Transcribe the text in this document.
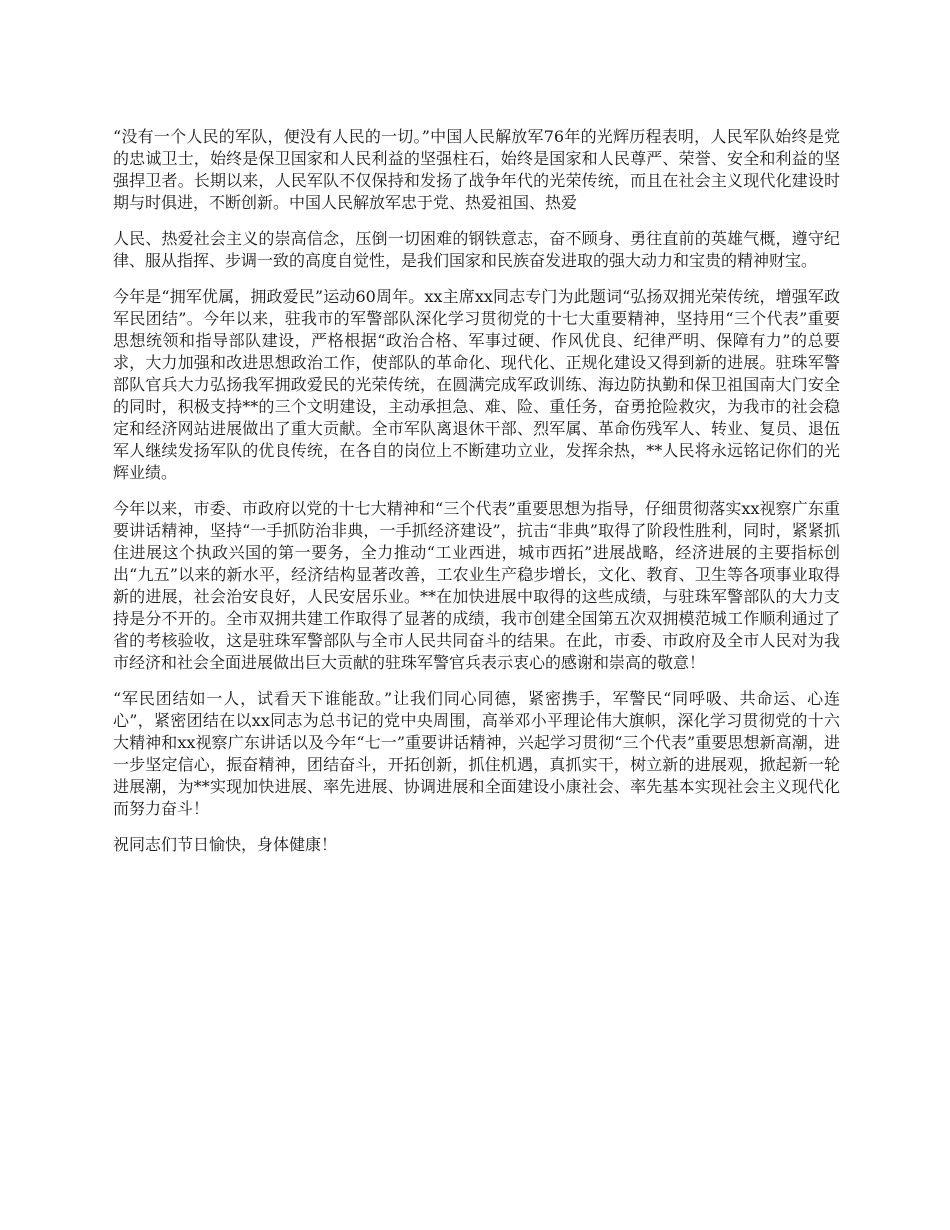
“没有一个人民的军队，便没有人民的一切。”中国人民解放军76年的光辉历程表明，人民军队始终是党的忠诚卫士，始终是保卫国家和人民利益的坚强柱石，始终是国家和人民尊严、荣誉、安全和利益的坚强捍卫者。长期以来，人民军队不仅保持和发扬了战争年代的光荣传统，而且在社会主义现代化建设时期与时俱进，不断创新。中国人民解放军忠于党、热爱祖国、热爱

人民、热爱社会主义的崇高信念，压倒一切困难的钢铁意志，奋不顾身、勇往直前的英雄气概，遵守纪律、服从指挥、步调一致的高度自觉性，是我们国家和民族奋发进取的强大动力和宝贵的精神财宝。

今年是“拥军优属，拥政爱民”运动60周年。xx主席xx同志专门为此题词“弘扬双拥光荣传统，增强军政军民团结”。今年以来，驻我市的军警部队深化学习贯彻党的十七大重要精神，坚持用“三个代表”重要思想统领和指导部队建设，严格根据“政治合格、军事过硬、作风优良、纪律严明、保障有力”的总要求，大力加强和改进思想政治工作，使部队的革命化、现代化、正规化建设又得到新的进展。驻珠军警部队官兵大力弘扬我军拥政爱民的光荣传统，在圆满完成军政训练、海边防执勤和保卫祖国南大门安全的同时，积极支持**的三个文明建设，主动承担急、难、险、重任务，奋勇抢险救灾，为我市的社会稳定和经济网站进展做出了重大贡献。全市军队离退休干部、烈军属、革命伤残军人、转业、复员、退伍军人继续发扬军队的优良传统，在各自的岗位上不断建功立业，发挥余热，**人民将永远铭记你们的光辉业绩。

今年以来，市委、市政府以党的十七大精神和“三个代表”重要思想为指导，仔细贯彻落实xx视察广东重要讲话精神，坚持“一手抓防治非典，一手抓经济建设”，抗击“非典”取得了阶段性胜利，同时，紧紧抓住进展这个执政兴国的第一要务，全力推动“工业西进，城市西拓”进展战略，经济进展的主要指标创出“九五”以来的新水平，经济结构显著改善，工农业生产稳步增长，文化、教育、卫生等各项事业取得新的进展，社会治安良好，人民安居乐业。**在加快进展中取得的这些成绩，与驻珠军警部队的大力支持是分不开的。全市双拥共建工作取得了显著的成绩，我市创建全国第五次双拥模范城工作顺利通过了省的考核验收，这是驻珠军警部队与全市人民共同奋斗的结果。在此，市委、市政府及全市人民对为我市经济和社会全面进展做出巨大贡献的驻珠军警官兵表示衷心的感谢和崇高的敬意！

“军民团结如一人，试看天下谁能敌。”让我们同心同德，紧密携手，军警民“同呼吸、共命运、心连心”，紧密团结在以xx同志为总书记的党中央周围，高举邓小平理论伟大旗帜，深化学习贯彻党的十六大精神和xx视察广东讲话以及今年“七一”重要讲话精神，兴起学习贯彻“三个代表”重要思想新高潮，进一步坚定信心，振奋精神，团结奋斗，开拓创新，抓住机遇，真抓实干，树立新的进展观，掀起新一轮进展潮，为**实现加快进展、率先进展、协调进展和全面建设小康社会、率先基本实现社会主义现代化而努力奋斗！

祝同志们节日愉快，身体健康！
